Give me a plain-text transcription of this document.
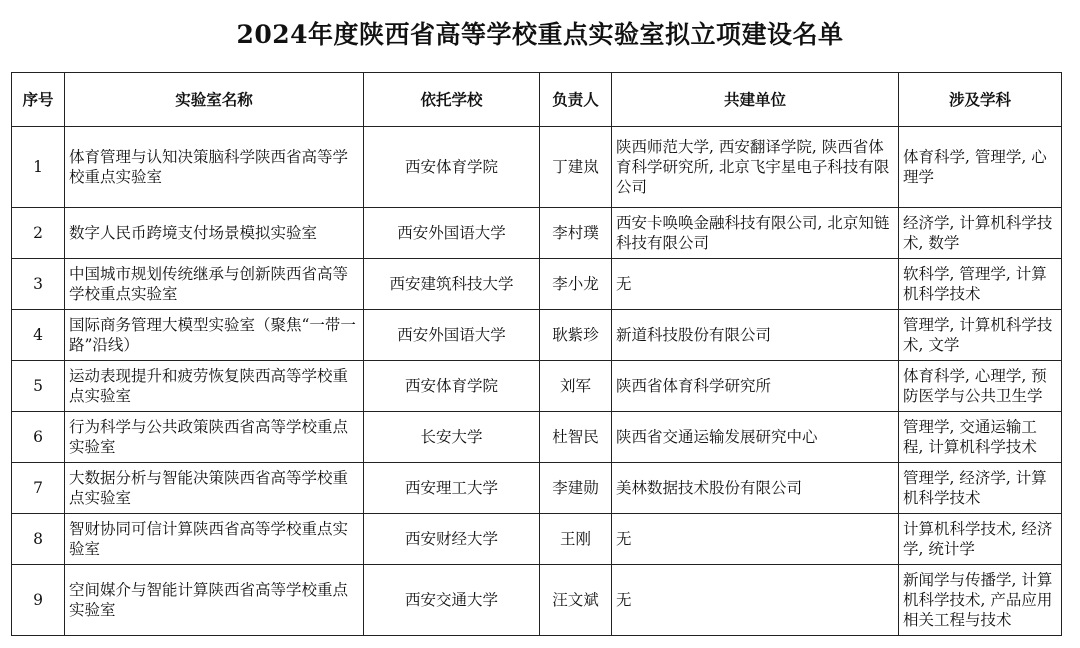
2024年度陕西省高等学校重点实验室拟立项建设名单
序号	实验室名称	依托学校	负责人	共建单位	涉及学科
1	体育管理与认知决策脑科学陕西省高等学校重点实验室	西安体育学院	丁建岚	陕西师范大学, 西安翻译学院, 陕西省体育科学研究所, 北京飞宇星电子科技有限公司	体育科学, 管理学, 心理学
2	数字人民币跨境支付场景模拟实验室	西安外国语大学	李村璞	西安卡唤唤金融科技有限公司, 北京知链科技有限公司	经济学, 计算机科学技术, 数学
3	中国城市规划传统继承与创新陕西省高等学校重点实验室	西安建筑科技大学	李小龙	无	软科学, 管理学, 计算机科学技术
4	国际商务管理大模型实验室（聚焦“一带一路”沿线）	西安外国语大学	耿紫珍	新道科技股份有限公司	管理学, 计算机科学技术, 文学
5	运动表现提升和疲劳恢复陕西高等学校重点实验室	西安体育学院	刘军	陕西省体育科学研究所	体育科学, 心理学, 预防医学与公共卫生学
6	行为科学与公共政策陕西省高等学校重点实验室	长安大学	杜智民	陕西省交通运输发展研究中心	管理学, 交通运输工程, 计算机科学技术
7	大数据分析与智能决策陕西省高等学校重点实验室	西安理工大学	李建勋	美林数据技术股份有限公司	管理学, 经济学, 计算机科学技术
8	智财协同可信计算陕西省高等学校重点实验室	西安财经大学	王刚	无	计算机科学技术, 经济学, 统计学
9	空间媒介与智能计算陕西省高等学校重点实验室	西安交通大学	汪文斌	无	新闻学与传播学, 计算机科学技术, 产品应用相关工程与技术
